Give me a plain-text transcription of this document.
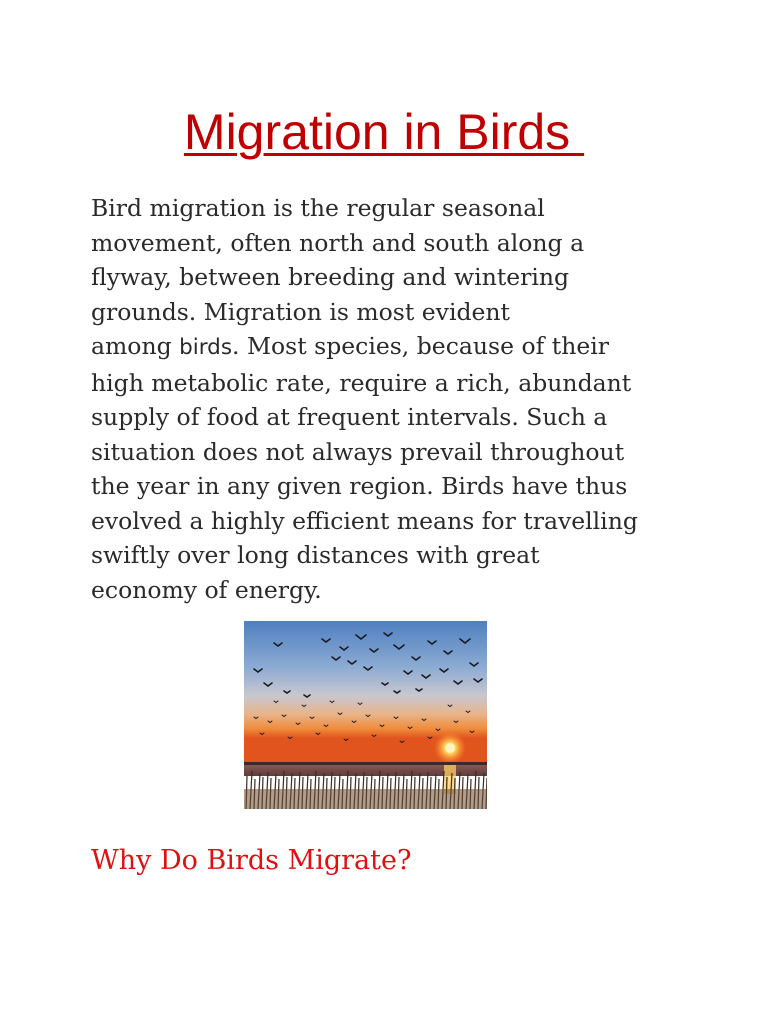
Migration in Birds

Bird migration is the regular seasonal
movement, often north and south along a
flyway, between breeding and wintering
grounds. Migration is most evident
among birds. Most species, because of their
high metabolic rate, require a rich, abundant
supply of food at frequent intervals. Such a
situation does not always prevail throughout
the year in any given region. Birds have thus
evolved a highly efficient means for travelling
swiftly over long distances with great
economy of energy.

Why Do Birds Migrate?
